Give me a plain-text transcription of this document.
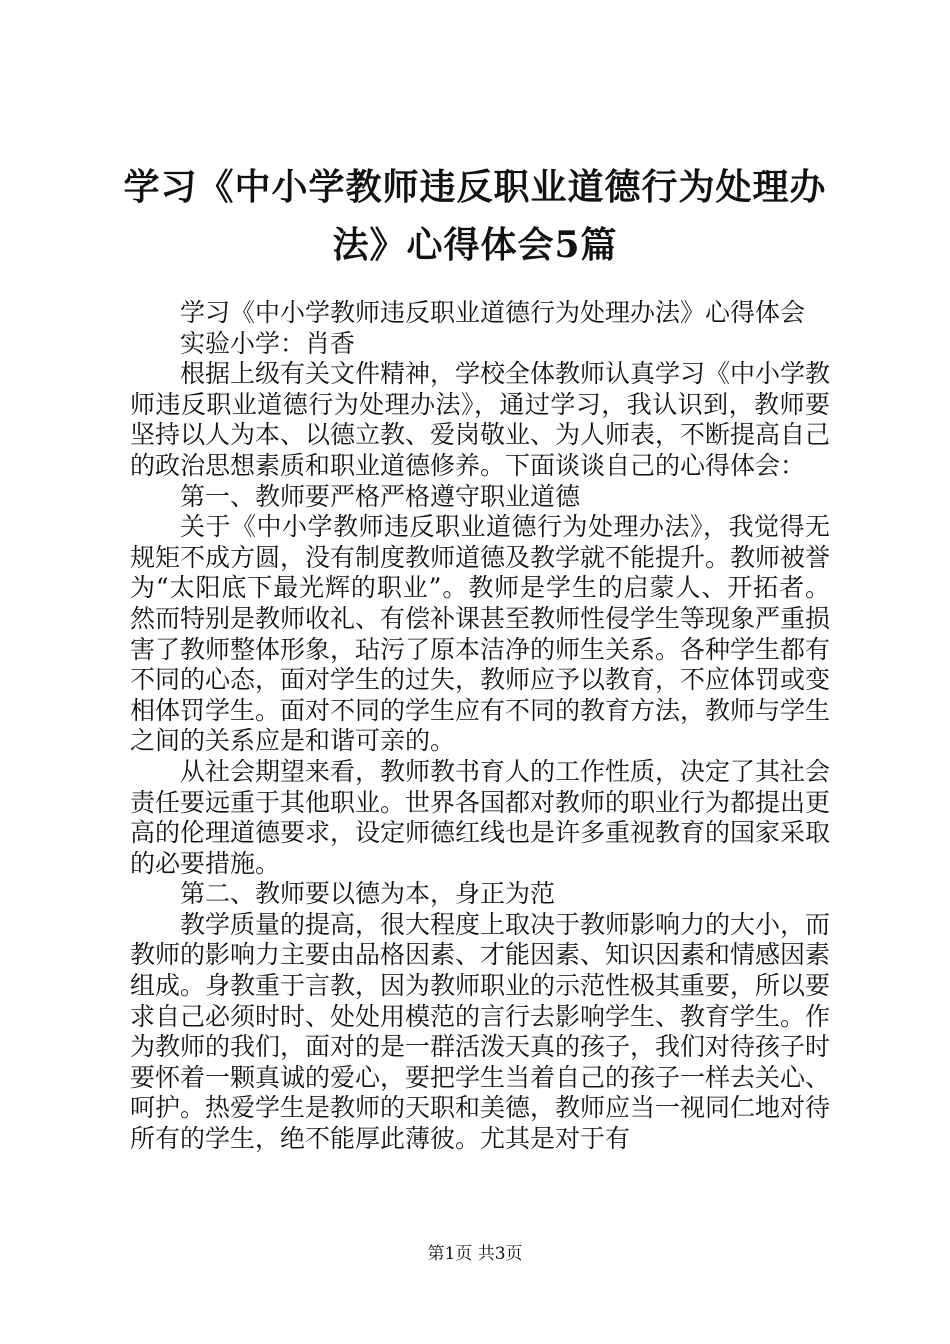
学习《中小学教师违反职业道德行为处理办法》心得体会5篇

学习《中小学教师违反职业道德行为处理办法》心得体会

实验小学：肖香

根据上级有关文件精神，学校全体教师认真学习《中小学教师违反职业道德行为处理办法》，通过学习，我认识到，教师要坚持以人为本、以德立教、爱岗敬业、为人师表，不断提高自己的政治思想素质和职业道德修养。下面谈谈自己的心得体会：

第一、教师要严格严格遵守职业道德

关于《中小学教师违反职业道德行为处理办法》，我觉得无规矩不成方圆，没有制度教师道德及教学就不能提升。教师被誉为“太阳底下最光辉的职业”。教师是学生的启蒙人、开拓者。然而特别是教师收礼、有偿补课甚至教师性侵学生等现象严重损害了教师整体形象，玷污了原本洁净的师生关系。各种学生都有不同的心态，面对学生的过失，教师应予以教育，不应体罚或变相体罚学生。面对不同的学生应有不同的教育方法，教师与学生之间的关系应是和谐可亲的。

从社会期望来看，教师教书育人的工作性质，决定了其社会责任要远重于其他职业。世界各国都对教师的职业行为都提出更高的伦理道德要求，设定师德红线也是许多重视教育的国家采取的必要措施。

第二、教师要以德为本，身正为范

教学质量的提高，很大程度上取决于教师影响力的大小，而教师的影响力主要由品格因素、才能因素、知识因素和情感因素组成。身教重于言教，因为教师职业的示范性极其重要，所以要求自己必须时时、处处用模范的言行去影响学生、教育学生。作为教师的我们，面对的是一群活泼天真的孩子，我们对待孩子时要怀着一颗真诚的爱心，要把学生当着自己的孩子一样去关心、呵护。热爱学生是教师的天职和美德，教师应当一视同仁地对待所有的学生，绝不能厚此薄彼。尤其是对于有

第1页 共3页
